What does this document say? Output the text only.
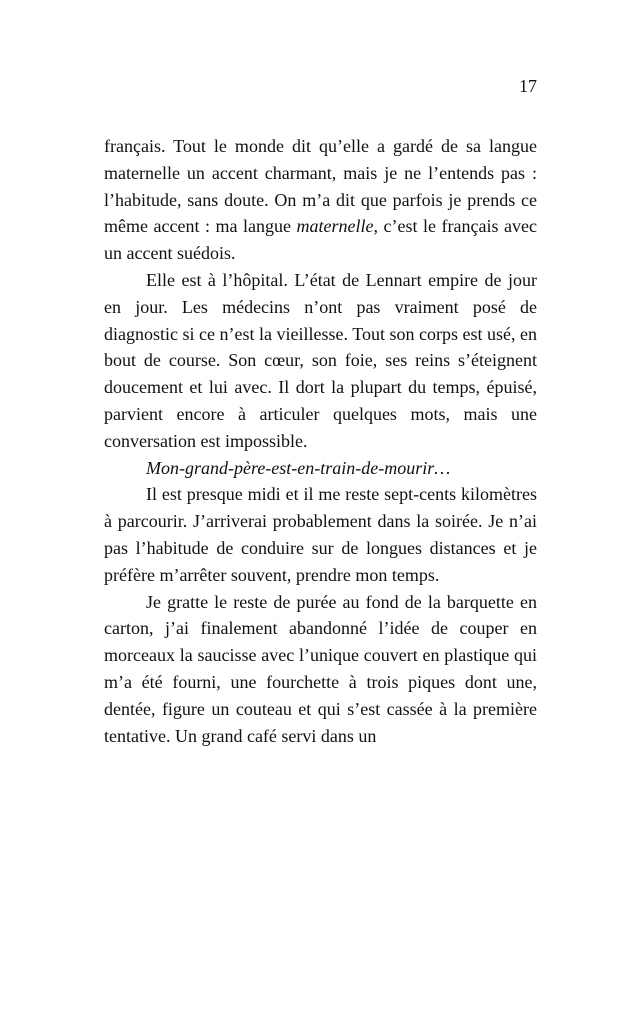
17

français. Tout le monde dit qu’elle a gardé de sa langue maternelle un accent charmant, mais je ne l’entends pas : l’habitude, sans doute. On m’a dit que parfois je prends ce même accent : ma langue maternelle, c’est le français avec un accent suédois.

Elle est à l’hôpital. L’état de Lennart empire de jour en jour. Les médecins n’ont pas vraiment posé de diagnostic si ce n’est la vieillesse. Tout son corps est usé, en bout de course. Son cœur, son foie, ses reins s’éteignent doucement et lui avec. Il dort la plupart du temps, épuisé, parvient encore à articuler quelques mots, mais une conversation est impossible.

Mon-grand-père-est-en-train-de-mourir…

Il est presque midi et il me reste sept-cents kilomètres à parcourir. J’arriverai probablement dans la soirée. Je n’ai pas l’habitude de conduire sur de longues distances et je préfère m’arrêter souvent, prendre mon temps.

Je gratte le reste de purée au fond de la barquette en carton, j’ai finalement abandonné l’idée de couper en morceaux la saucisse avec l’unique couvert en plastique qui m’a été fourni, une fourchette à trois piques dont une, dentée, figure un couteau et qui s’est cassée à la première tentative. Un grand café servi dans un
